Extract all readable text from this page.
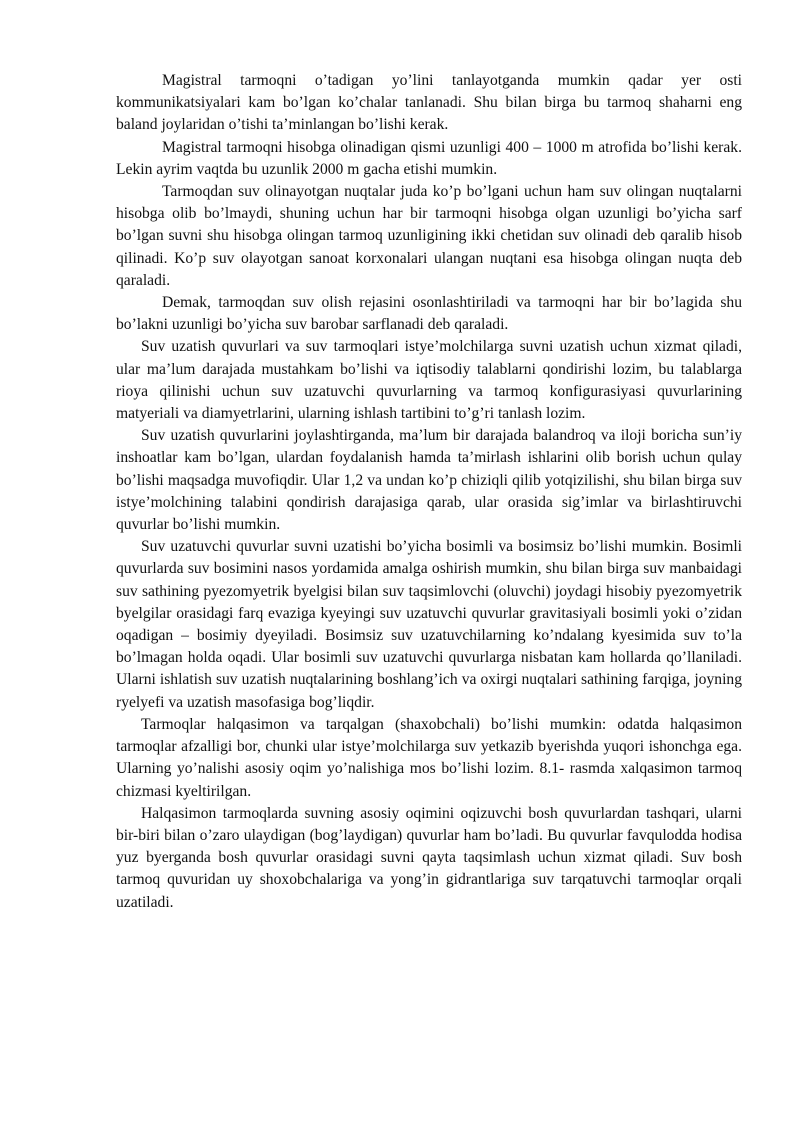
Magistral tarmoqni o’tadigan yo’lini tanlayotganda mumkin qadar yer osti kommunikatsiyalari kam bo’lgan ko’chalar tanlanadi. Shu bilan birga bu tarmoq shaharni eng baland joylaridan o’tishi ta’minlangan bo’lishi kerak.

Magistral tarmoqni hisobga olinadigan qismi uzunligi 400 – 1000 m atrofida bo’lishi kerak. Lekin ayrim vaqtda bu uzunlik 2000 m gacha etishi mumkin.

Tarmoqdan suv olinayotgan nuqtalar juda ko’p bo’lgani uchun ham suv olingan nuqtalarni hisobga olib bo’lmaydi, shuning uchun har bir tarmoqni hisobga olgan uzunligi bo’yicha sarf bo’lgan suvni shu hisobga olingan tarmoq uzunligining ikki chetidan suv olinadi deb qaralib hisob qilinadi. Ko’p suv olayotgan sanoat korxonalari ulangan nuqtani esa hisobga olingan nuqta deb qaraladi.

Demak, tarmoqdan suv olish rejasini osonlashtiriladi va tarmoqni har bir bo’lagida shu bo’lakni uzunligi bo’yicha suv barobar sarflanadi deb qaraladi.

Suv uzatish quvurlari va suv tarmoqlari istye’molchilarga suvni uzatish uchun xizmat qiladi, ular ma’lum darajada mustahkam bo’lishi va iqtisodiy talablarni qondirishi lozim, bu talablarga rioya qilinishi uchun suv uzatuvchi quvurlarning va tarmoq konfigurasiyasi quvurlarining matyeriali va diamyetrlarini, ularning ishlash tartibini to’g’ri tanlash lozim.

Suv uzatish quvurlarini joylashtirganda, ma’lum bir darajada balandroq va iloji boricha sun’iy inshoatlar kam bo’lgan, ulardan foydalanish hamda ta’mirlash ishlarini olib borish uchun qulay bo’lishi maqsadga muvofiqdir. Ular 1,2 va undan ko’p chiziqli qilib yotqizilishi, shu bilan birga suv istye’molchining talabini qondirish darajasiga qarab, ular orasida sig’imlar va birlashtiruvchi quvurlar bo’lishi mumkin.

Suv uzatuvchi quvurlar suvni uzatishi bo’yicha bosimli va bosimsiz bo’lishi mumkin. Bosimli quvurlarda suv bosimini nasos yordamida amalga oshirish mumkin, shu bilan birga suv manbaidagi suv sathining pyezomyetrik byelgisi bilan suv taqsimlovchi (oluvchi) joydagi hisobiy pyezomyetrik byelgilar orasidagi farq evaziga kyeyingi suv uzatuvchi quvurlar gravitasiyali bosimli yoki o’zidan oqadigan – bosimiy dyeyiladi. Bosimsiz suv uzatuvchilarning ko’ndalang kyesimida suv to’la bo’lmagan holda oqadi. Ular bosimli suv uzatuvchi quvurlarga nisbatan kam hollarda qo’llaniladi. Ularni ishlatish suv uzatish nuqtalarining boshlang’ich va oxirgi nuqtalari sathining farqiga, joyning ryelyefi va uzatish masofasiga bog’liqdir.

Tarmoqlar halqasimon va tarqalgan (shaxobchali) bo’lishi mumkin: odatda halqasimon tarmoqlar afzalligi bor, chunki ular istye’molchilarga suv yetkazib byerishda yuqori ishonchga ega. Ularning yo’nalishi asosiy oqim yo’nalishiga mos bo’lishi lozim. 8.1- rasmda xalqasimon tarmoq chizmasi kyeltirilgan.

Halqasimon tarmoqlarda suvning asosiy oqimini oqizuvchi bosh quvurlardan tashqari, ularni bir-biri bilan o’zaro ulaydigan (bog’laydigan) quvurlar ham bo’ladi. Bu quvurlar favqulodda hodisa yuz byerganda bosh quvurlar orasidagi suvni qayta taqsimlash uchun xizmat qiladi. Suv bosh tarmoq quvuridan uy shoxobchalariga va yong’in gidrantlariga suv tarqatuvchi tarmoqlar orqali uzatiladi.
